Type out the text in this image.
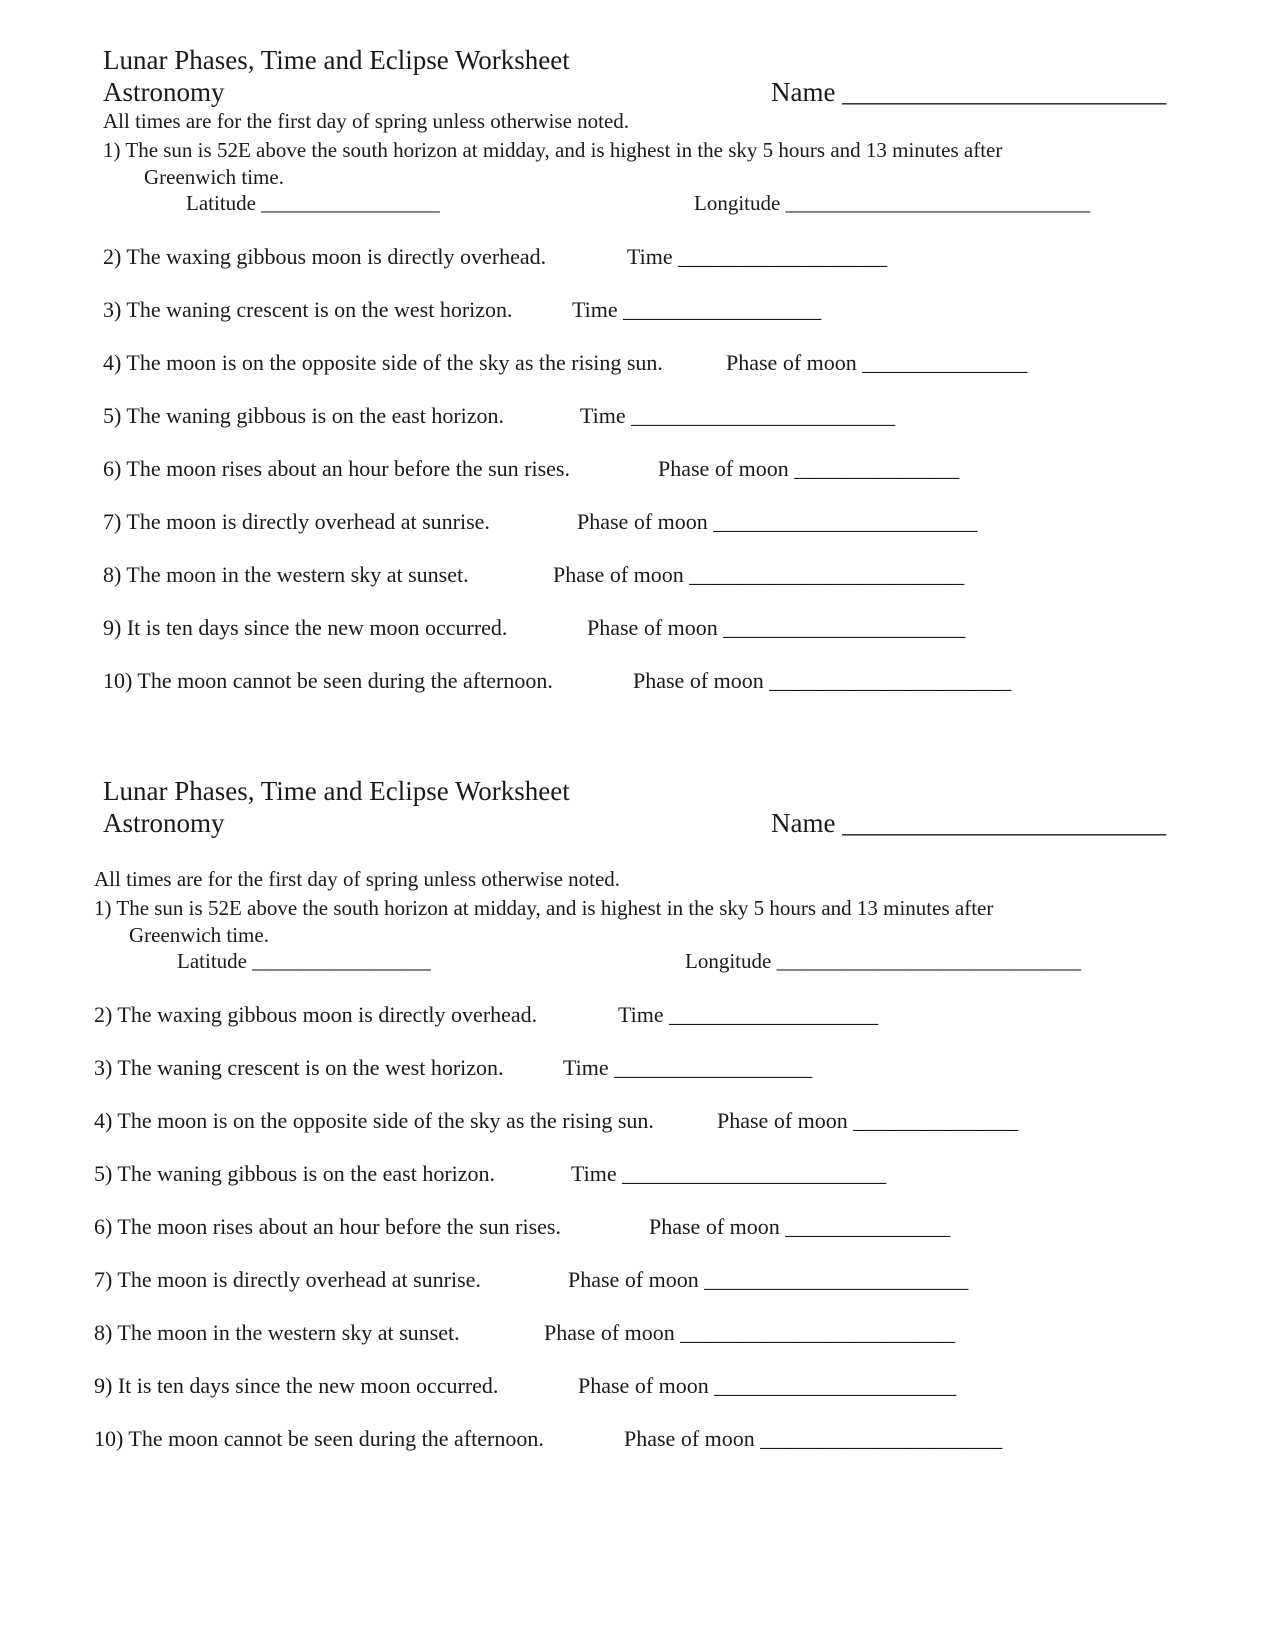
Lunar Phases, Time and Eclipse Worksheet
Astronomy	Name ________________________
All times are for the first day of spring unless otherwise noted.
1) The sun is 52E above the south horizon at midday, and is highest in the sky 5 hours and 13 minutes after
Greenwich time.
Latitude _________________	Longitude _____________________________
2) The waxing gibbous moon is directly overhead.	Time ___________________
3) The waning crescent is on the west horizon.	Time __________________
4) The moon is on the opposite side of the sky as the rising sun.	Phase of moon _______________
5) The waning gibbous is on the east horizon.	Time ________________________
6) The moon rises about an hour before the sun rises.	Phase of moon _______________
7) The moon is directly overhead at sunrise.	Phase of moon ________________________
8) The moon in the western sky at sunset.	Phase of moon _________________________
9) It is ten days since the new moon occurred.	Phase of moon ______________________
10) The moon cannot be seen during the afternoon.	Phase of moon ______________________
Lunar Phases, Time and Eclipse Worksheet
Astronomy	Name ________________________
All times are for the first day of spring unless otherwise noted.
1) The sun is 52E above the south horizon at midday, and is highest in the sky 5 hours and 13 minutes after
Greenwich time.
Latitude _________________	Longitude _____________________________
2) The waxing gibbous moon is directly overhead.	Time ___________________
3) The waning crescent is on the west horizon.	Time __________________
4) The moon is on the opposite side of the sky as the rising sun.	Phase of moon _______________
5) The waning gibbous is on the east horizon.	Time ________________________
6) The moon rises about an hour before the sun rises.	Phase of moon _______________
7) The moon is directly overhead at sunrise.	Phase of moon ________________________
8) The moon in the western sky at sunset.	Phase of moon _________________________
9) It is ten days since the new moon occurred.	Phase of moon ______________________
10) The moon cannot be seen during the afternoon.	Phase of moon ______________________
